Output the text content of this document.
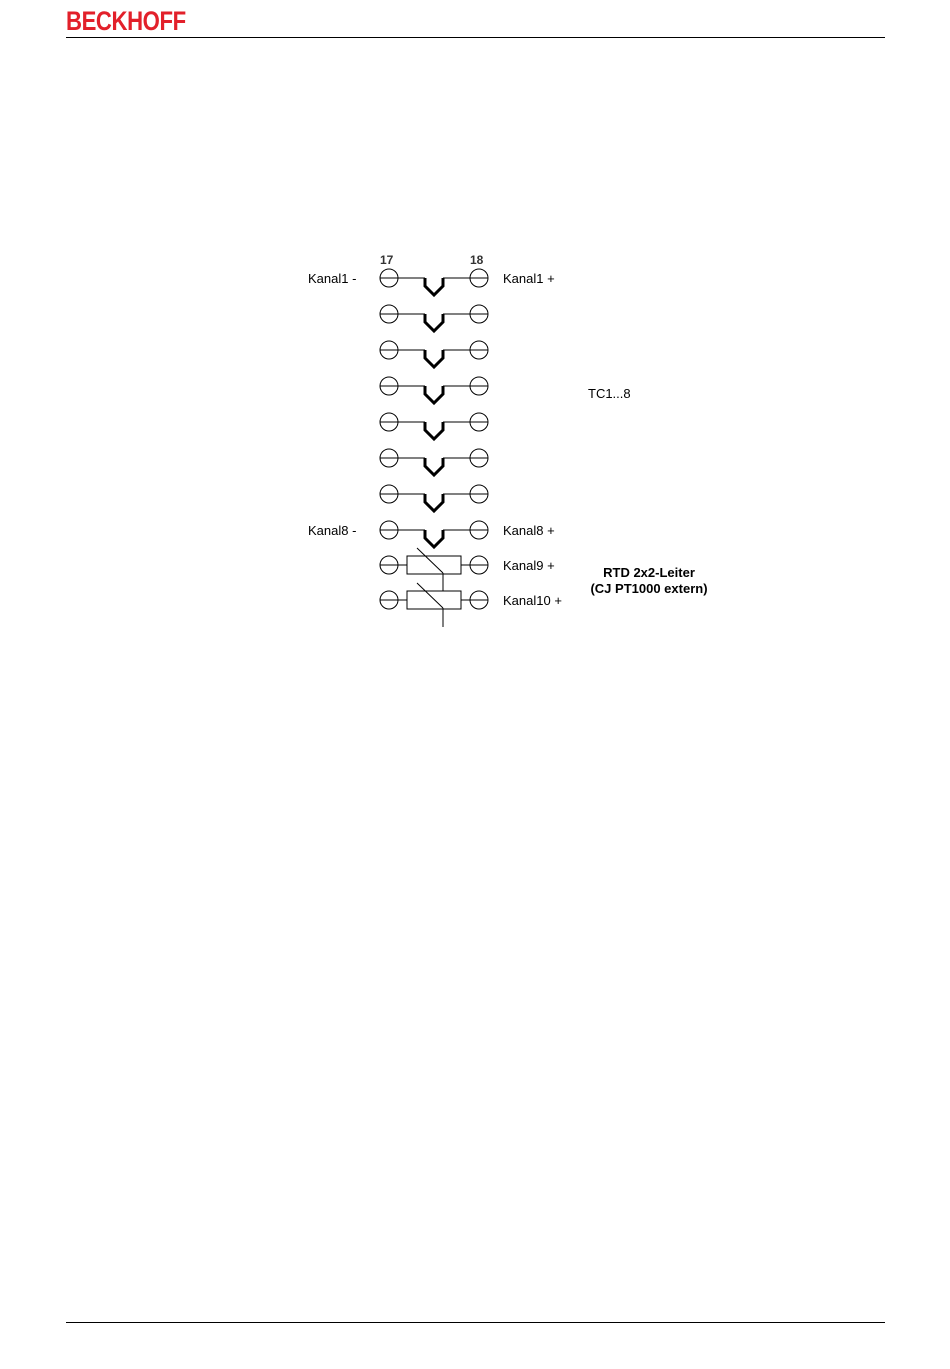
BECKHOFF
17	18
Kanal1 -	Kanal1 +
Kanal8 -	Kanal8 +
Kanal9 +
Kanal10 +
TC1...8
RTD 2x2-Leiter
(CJ PT1000 extern)
